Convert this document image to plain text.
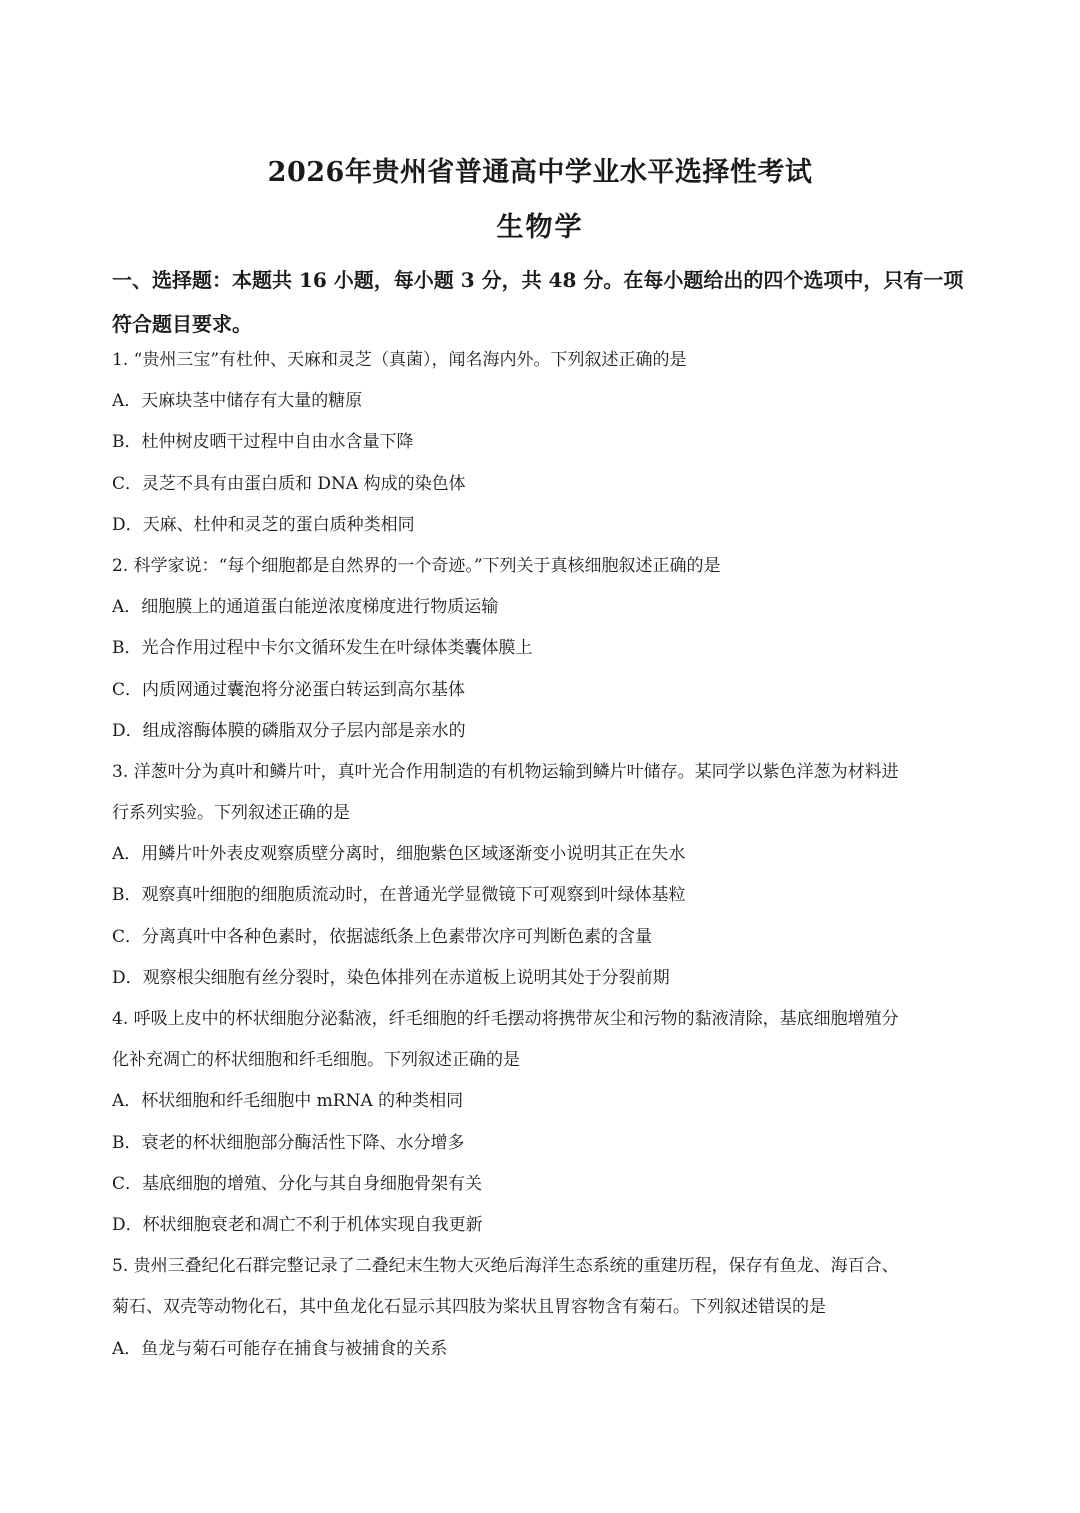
2026年贵州省普通高中学业水平选择性考试
生物学
一、选择题：本题共 16 小题，每小题 3 分，共 48 分。在每小题给出的四个选项中，只有一项
符合题目要求。
1. “贵州三宝”有杜仲、天麻和灵芝（真菌），闻名海内外。下列叙述正确的是
A．天麻块茎中储存有大量的糖原
B．杜仲树皮晒干过程中自由水含量下降
C．灵芝不具有由蛋白质和 DNA 构成的染色体
D．天麻、杜仲和灵芝的蛋白质种类相同
2. 科学家说：“每个细胞都是自然界的一个奇迹。”下列关于真核细胞叙述正确的是
A．细胞膜上的通道蛋白能逆浓度梯度进行物质运输
B．光合作用过程中卡尔文循环发生在叶绿体类囊体膜上
C．内质网通过囊泡将分泌蛋白转运到高尔基体
D．组成溶酶体膜的磷脂双分子层内部是亲水的
3. 洋葱叶分为真叶和鳞片叶，真叶光合作用制造的有机物运输到鳞片叶储存。某同学以紫色洋葱为材料进
行系列实验。下列叙述正确的是
A．用鳞片叶外表皮观察质壁分离时，细胞紫色区域逐渐变小说明其正在失水
B．观察真叶细胞的细胞质流动时，在普通光学显微镜下可观察到叶绿体基粒
C．分离真叶中各种色素时，依据滤纸条上色素带次序可判断色素的含量
D．观察根尖细胞有丝分裂时，染色体排列在赤道板上说明其处于分裂前期
4. 呼吸上皮中的杯状细胞分泌黏液，纤毛细胞的纤毛摆动将携带灰尘和污物的黏液清除，基底细胞增殖分
化补充凋亡的杯状细胞和纤毛细胞。下列叙述正确的是
A．杯状细胞和纤毛细胞中 mRNA 的种类相同
B．衰老的杯状细胞部分酶活性下降、水分增多
C．基底细胞的增殖、分化与其自身细胞骨架有关
D．杯状细胞衰老和凋亡不利于机体实现自我更新
5. 贵州三叠纪化石群完整记录了二叠纪末生物大灭绝后海洋生态系统的重建历程，保存有鱼龙、海百合、
菊石、双壳等动物化石，其中鱼龙化石显示其四肢为桨状且胃容物含有菊石。下列叙述错误的是
A．鱼龙与菊石可能存在捕食与被捕食的关系
